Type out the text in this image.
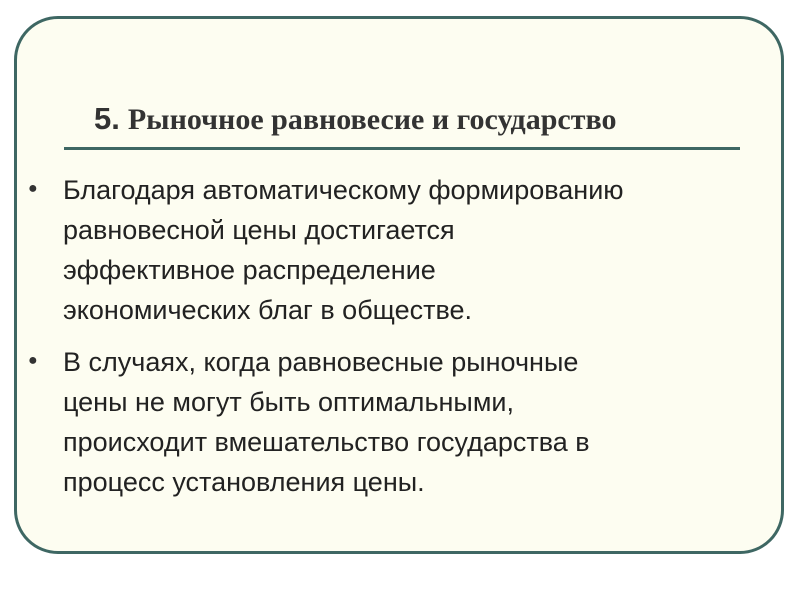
5. Рыночное равновесие и государство
● Благодаря автоматическому формированию
равновесной цены достигается
эффективное распределение
экономических благ в обществе.
● В случаях, когда равновесные рыночные
цены не могут быть оптимальными,
происходит вмешательство государства в
процесс установления цены.
